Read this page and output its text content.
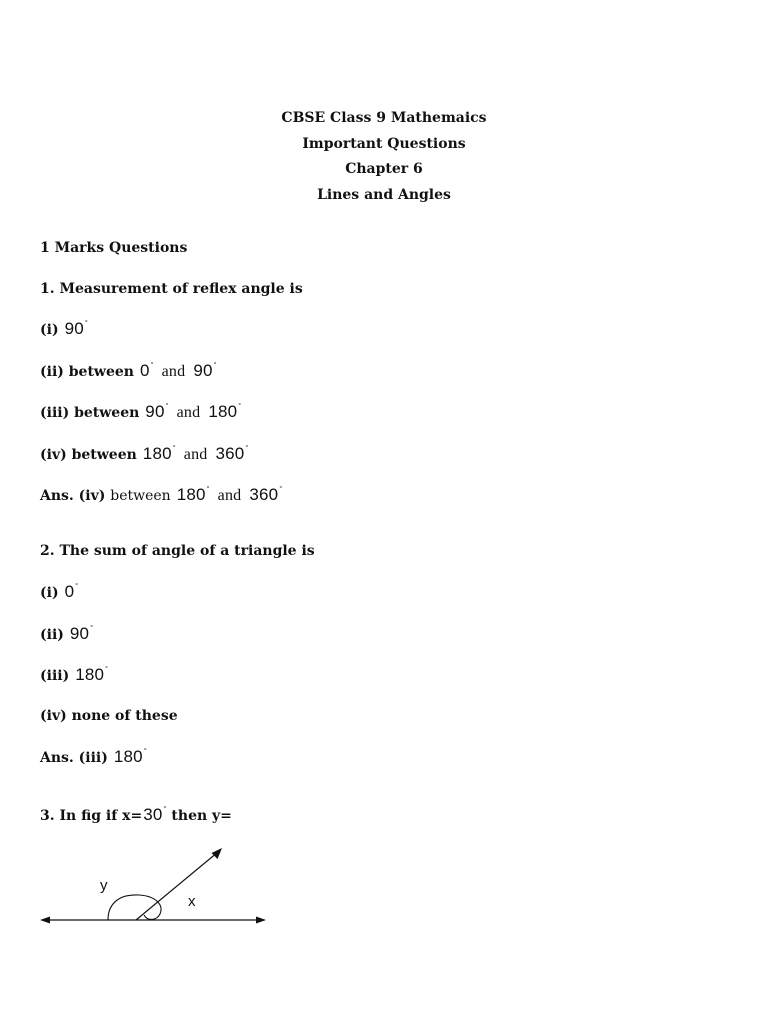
CBSE Class 9 Mathemaics
Important Questions
Chapter 6
Lines and Angles
1 Marks Questions
1. Measurement of reflex angle is
(i) 90°
(ii) between 0° and 90°
(iii) between 90° and 180°
(iv) between 180° and 360°
Ans. (iv) between 180° and 360°
2. The sum of angle of a triangle is
(i) 0°
(ii) 90°
(iii) 180°
(iv) none of these
Ans. (iii) 180°
3. In fig if x=30° then y=
y
x
